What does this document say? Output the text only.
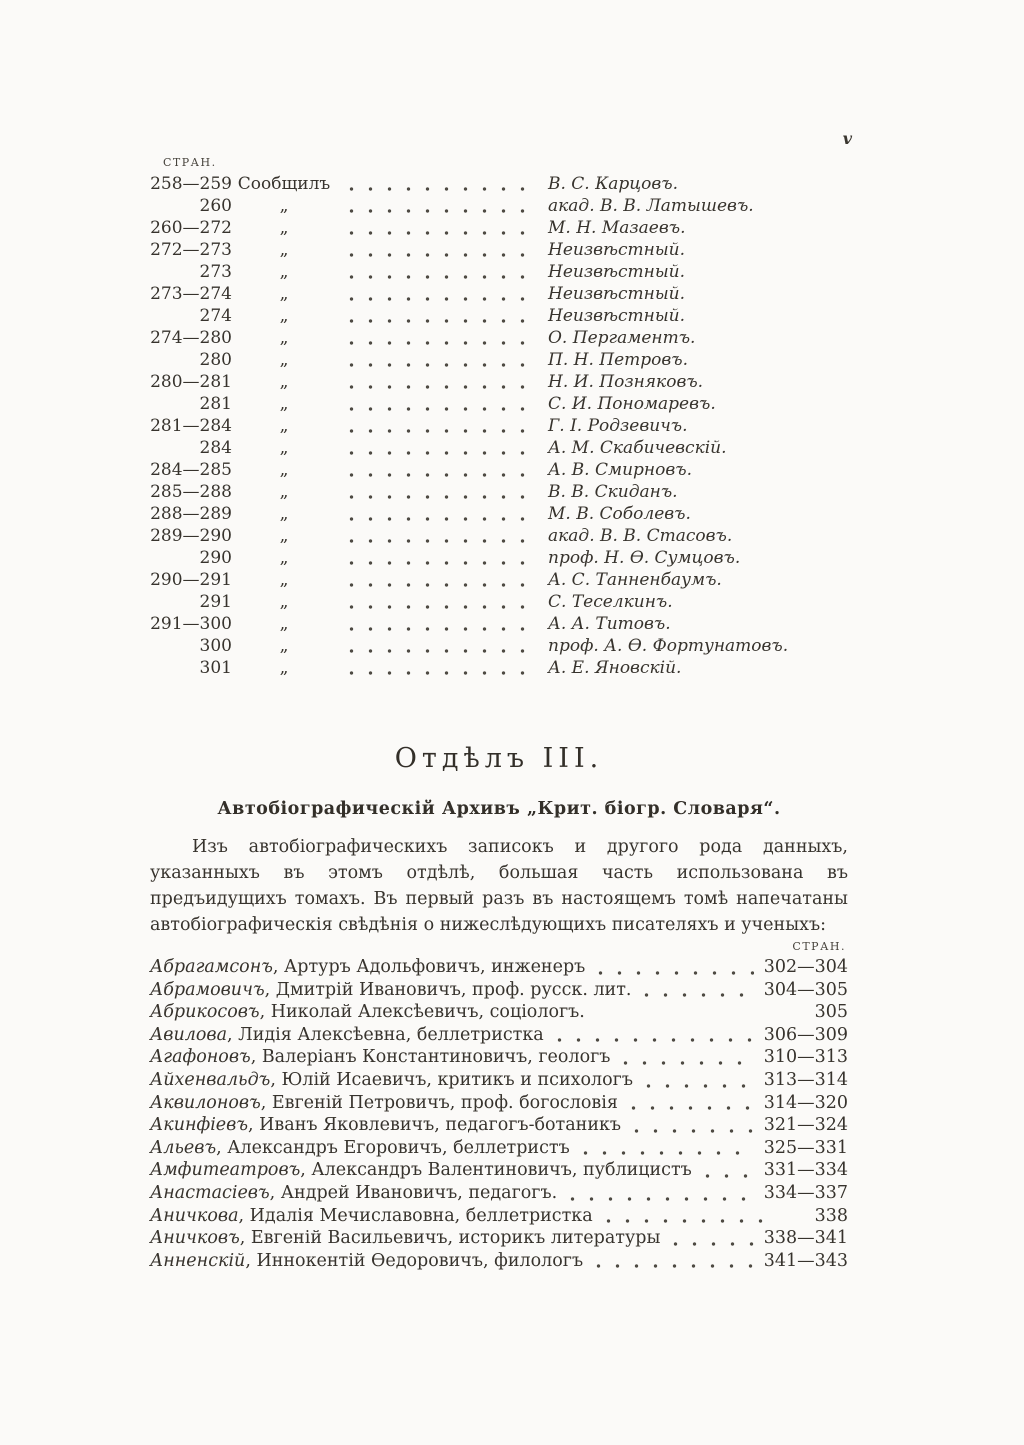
v
СТРАН.
258—259 Сообщилъ	В. С. Карцовъ.
260	„	акад. В. В. Латышевъ.
260—272	„	М. Н. Мазаевъ.
272—273	„	Неизвѣстный.
273	„	Неизвѣстный.
273—274	„	Неизвѣстный.
274	„	Неизвѣстный.
274—280	„	О. Пергаментъ.
280	„	П. Н. Петровъ.
280—281	„	Н. И. Позняковъ.
281	„	С. И. Пономаревъ.
281—284	„	Г. І. Родзевичъ.
284	„	А. М. Скабичевскій.
284—285	„	А. В. Смирновъ.
285—288	„	В. В. Скиданъ.
288—289	„	М. В. Соболевъ.
289—290	„	акад. В. В. Стасовъ.
290	„	проф. Н. Ѳ. Сумцовъ.
290—291	„	А. С. Танненбаумъ.
291	„	С. Теселкинъ.
291—300	„	А. А. Титовъ.
300	„	проф. А. Ѳ. Фортунатовъ.
301	„	А. Е. Яновскій.
Отдѣлъ III.
Автобіографическій Архивъ „Крит. біогр. Словаря“.

Изъ автобіографическихъ записокъ и другого рода данныхъ, указанныхъ въ этомъ отдѣлѣ, большая часть использована въ предъидущихъ томахъ. Въ первый разъ въ настоящемъ томѣ напечатаны автобіографическія свѣдѣнія о нижеслѣдующихъ писателяхъ и ученыхъ:

СТРАН.
Абрагамсонъ, Артуръ Адольфовичъ, инженеръ	302—304
Абрамовичъ, Дмитрій Ивановичъ, проф. русск. лит.	304—305
Абрикосовъ, Николай Алексѣевичъ, соціологъ.	305
Авилова, Лидія Алексѣевна, беллетристка	306—309
Агафоновъ, Валеріанъ Константиновичъ, геологъ	310—313
Айхенвальдъ, Юлій Исаевичъ, критикъ и психологъ	313—314
Аквилоновъ, Евгеній Петровичъ, проф. богословія	314—320
Акинфіевъ, Иванъ Яковлевичъ, педагогъ-ботаникъ	321—324
Альевъ, Александръ Егоровичъ, беллетристъ	325—331
Амфитеатровъ, Александръ Валентиновичъ, публицистъ	331—334
Анастасіевъ, Андрей Ивановичъ, педагогъ.	334—337
Аничкова, Идалія Мечиславовна, беллетристка	338
Аничковъ, Евгеній Васильевичъ, историкъ литературы	338—341
Анненскій, Иннокентій Ѳедоровичъ, филологъ	341—343
